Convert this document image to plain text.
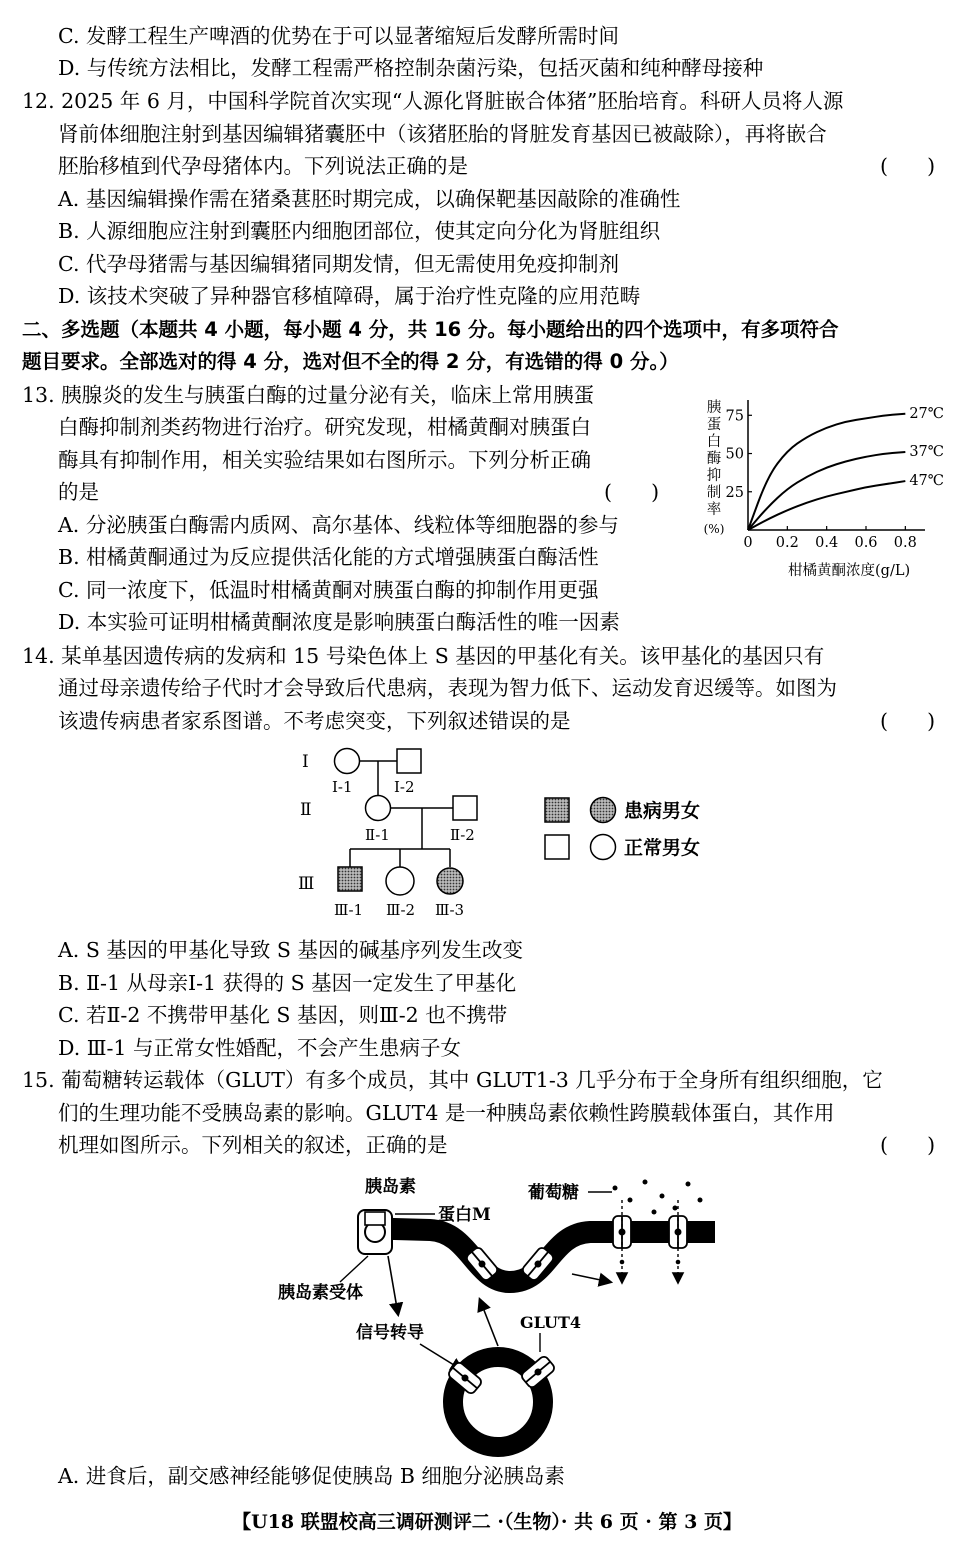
C. 发酵工程生产啤酒的优势在于可以显著缩短后发酵所需时间
D. 与传统方法相比，发酵工程需严格控制杂菌污染，包括灭菌和纯种酵母接种
12. 2025 年 6 月，中国科学院首次实现“人源化肾脏嵌合体猪”胚胎培育。科研人员将人源
肾前体细胞注射到基因编辑猪囊胚中（该猪胚胎的肾脏发育基因已被敲除），再将嵌合
胚胎移植到代孕母猪体内。下列说法正确的是	(      )
A. 基因编辑操作需在猪桑葚胚时期完成，以确保靶基因敲除的准确性
B. 人源细胞应注射到囊胚内细胞团部位，使其定向分化为肾脏组织
C. 代孕母猪需与基因编辑猪同期发情，但无需使用免疫抑制剂
D. 该技术突破了异种器官移植障碍，属于治疗性克隆的应用范畴
二、多选题（本题共 4 小题，每小题 4 分，共 16 分。每小题给出的四个选项中，有多项符合
题目要求。全部选对的得 4 分，选对但不全的得 2 分，有选错的得 0 分。）
13. 胰腺炎的发生与胰蛋白酶的过量分泌有关，临床上常用胰蛋
白酶抑制剂类药物进行治疗。研究发现，柑橘黄酮对胰蛋白
酶具有抑制作用，相关实验结果如右图所示。下列分析正确
的是	(      )
A. 分泌胰蛋白酶需内质网、高尔基体、线粒体等细胞器的参与
B. 柑橘黄酮通过为反应提供活化能的方式增强胰蛋白酶活性
C. 同一浓度下，低温时柑橘黄酮对胰蛋白酶的抑制作用更强
D. 本实验可证明柑橘黄酮浓度是影响胰蛋白酶活性的唯一因素
胰
蛋
白
酶
抑
制
率
(%)
0 0.2 0.4 0.6 0.8
25
50
75	27℃
37℃
47℃
柑橘黄酮浓度(g/L)
14. 某单基因遗传病的发病和 15 号染色体上 S 基因的甲基化有关。该甲基化的基因只有
通过母亲遗传给子代时才会导致后代患病，表现为智力低下、运动发育迟缓等。如图为
该遗传病患者家系图谱。不考虑突变，下列叙述错误的是	(      )
Ⅰ
Ⅱ
Ⅲ
Ⅰ-1	Ⅰ-2
Ⅱ-1	Ⅱ-2
Ⅲ-1 Ⅲ-2 Ⅲ-3
患病男女
正常男女
A. S 基因的甲基化导致 S 基因的碱基序列发生改变
B. Ⅱ-1 从母亲Ⅰ-1 获得的 S 基因一定发生了甲基化
C. 若Ⅱ-2 不携带甲基化 S 基因，则Ⅲ-2 也不携带
D. Ⅲ-1 与正常女性婚配，不会产生患病子女
15. 葡萄糖转运载体（GLUT）有多个成员，其中 GLUT1-3 几乎分布于全身所有组织细胞，它
们的生理功能不受胰岛素的影响。GLUT4 是一种胰岛素依赖性跨膜载体蛋白，其作用
机理如图所示。下列相关的叙述，正确的是	(      )
胰岛素
蛋白M
葡萄糖
胰岛素受体
信号转导
GLUT4
A. 进食后，副交感神经能够促使胰岛 B 细胞分泌胰岛素
【U18 联盟校高三调研测评二 ·（生物）· 共 6 页 · 第 3 页】
